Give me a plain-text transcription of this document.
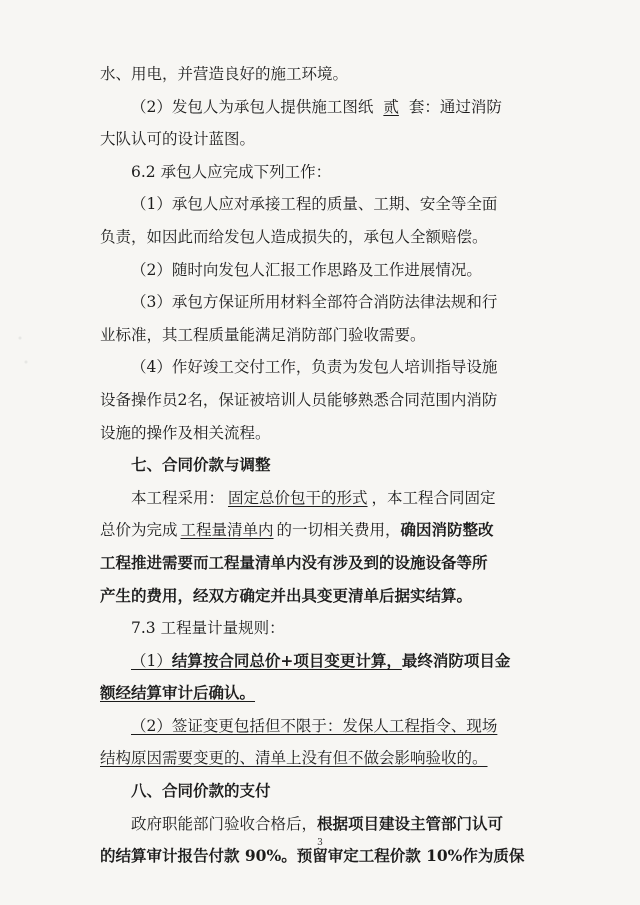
水、用电，并营造良好的施工环境。
（2）发包人为承包人提供施工图纸 贰 套：通过消防
大队认可的设计蓝图。
6.2 承包人应完成下列工作：
（1）承包人应对承接工程的质量、工期、安全等全面
负责，如因此而给发包人造成损失的，承包人全额赔偿。
（2）随时向发包人汇报工作思路及工作进展情况。
（3）承包方保证所用材料全部符合消防法律法规和行
业标准，其工程质量能满足消防部门验收需要。
（4）作好竣工交付工作，负责为发包人培训指导设施
设备操作员2名，保证被培训人员能够熟悉合同范围内消防
设施的操作及相关流程。
七、合同价款与调整
本工程采用： 固定总价包干的形式 ，本工程合同固定
总价为完成 工程量清单内 的一切相关费用，确因消防整改
工程推进需要而工程量清单内没有涉及到的设施设备等所
产生的费用，经双方确定并出具变更清单后据实结算。
7.3 工程量计量规则：
（1）结算按合同总价+项目变更计算，最终消防项目金
额经结算审计后确认。
（2）签证变更包括但不限于：发保人工程指令、现场
结构原因需要变更的、清单上没有但不做会影响验收的。
八、合同价款的支付
政府职能部门验收合格后，根据项目建设主管部门认可
的结算审计报告付款 90%。预留审定工程价款 10%作为质保
3
